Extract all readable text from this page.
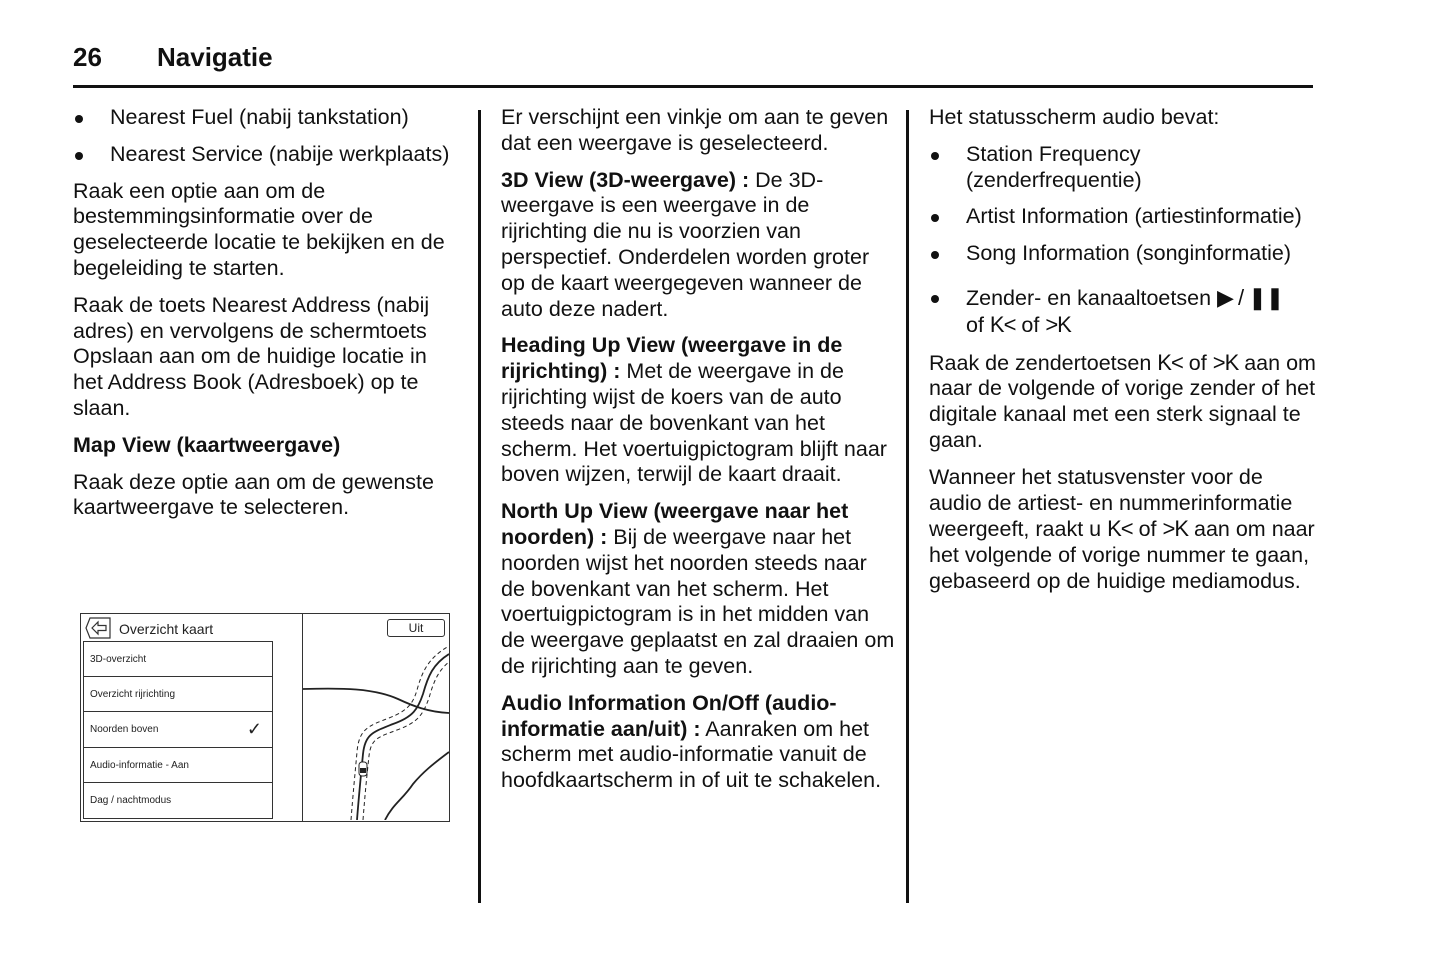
26 Navigatie
Nearest Fuel (nabij tankstation)
Nearest Service (nabije werkplaats)

Raak een optie aan om de bestemmingsinformatie over de geselecteerde locatie te bekijken en de begeleiding te starten.

Raak de toets Nearest Address (nabij adres) en vervolgens de schermtoets Opslaan aan om de huidige locatie in het Address Book (Adresboek) op te slaan.

Map View (kaartweergave)

Raak deze optie aan om de gewenste kaartweergave te selecteren.

Overzicht kaart
3D-overzicht
Overzicht rijrichting
Noorden boven	✓
Audio-informatie - Aan
Dag / nachtmodus
Uit

Er verschijnt een vinkje om aan te geven dat een weergave is geselecteerd.

3D View (3D-weergave) : De 3D-weergave is een weergave in de rijrichting die nu is voorzien van perspectief. Onderdelen worden groter op de kaart weergegeven wanneer de auto deze nadert.

Heading Up View (weergave in de rijrichting) : Met de weergave in de rijrichting wijst de koers van de auto steeds naar de bovenkant van het scherm. Het voertuigpictogram blijft naar boven wijzen, terwijl de kaart draait.

North Up View (weergave naar het noorden) : Bij de weergave naar het noorden wijst het noorden steeds naar de bovenkant van het scherm. Het voertuigpictogram is in het midden van de weergave geplaatst en zal draaien om de rijrichting aan te geven.

Audio Information On/Off (audio-informatie aan/uit) : Aanraken om het scherm met audio-informatie vanuit de hoofdkaartscherm in of uit te schakelen.

Het statusscherm audio bevat:

Station Frequency (zenderfrequentie)
Artist Information (artiestinformatie)
Song Information (songinformatie)
Zender- en kanaaltoetsen ▶ / ❚❚
of K< of >K

Raak de zendertoetsen K< of >K aan om naar de volgende of vorige zender of het digitale kanaal met een sterk signaal te gaan.

Wanneer het statusvenster voor de audio de artiest- en nummerinformatie weergeeft, raakt u K< of >K aan om naar het volgende of vorige nummer te gaan, gebaseerd op de huidige mediamodus.
